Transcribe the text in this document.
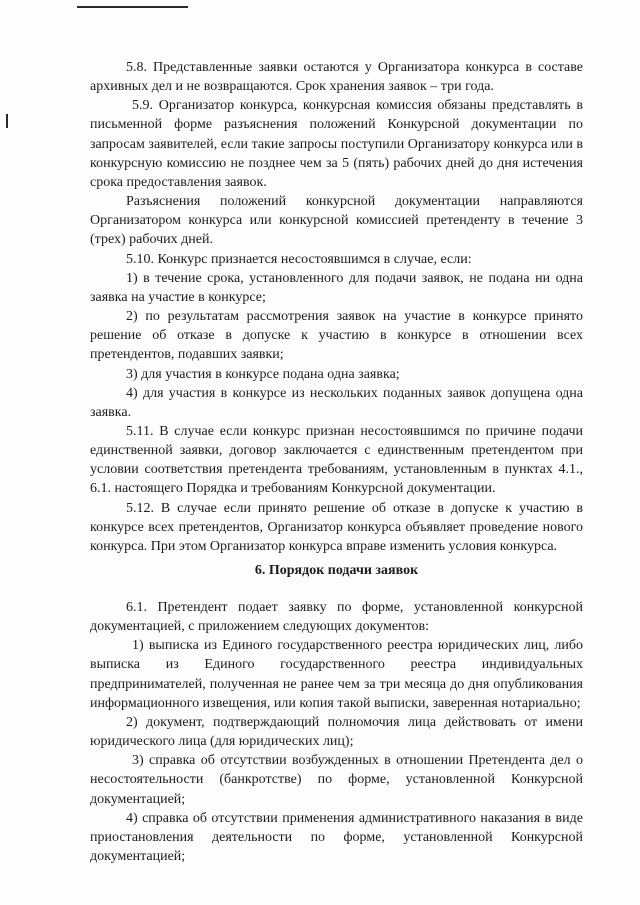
5.8. Представленные заявки остаются у Организатора конкурса в составе архивных дел и не возвращаются. Срок хранения заявок – три года.

5.9. Организатор конкурса, конкурсная комиссия обязаны представлять в письменной форме разъяснения положений Конкурсной документации по запросам заявителей, если такие запросы поступили Организатору конкурса или в конкурсную комиссию не позднее чем за 5 (пять) рабочих дней до дня истечения срока предоставления заявок.

Разъяснения положений конкурсной документации направляются Организатором конкурса или конкурсной комиссией претенденту в течение 3 (трех) рабочих дней.

5.10. Конкурс признается несостоявшимся в случае, если:

1) в течение срока, установленного для подачи заявок, не подана ни одна заявка на участие в конкурсе;

2) по результатам рассмотрения заявок на участие в конкурсе принято решение об отказе в допуске к участию в конкурсе в отношении всех претендентов, подавших заявки;

3) для участия в конкурсе подана одна заявка;

4) для участия в конкурсе из нескольких поданных заявок допущена одна заявка.

5.11. В случае если конкурс признан несостоявшимся по причине подачи единственной заявки, договор заключается с единственным претендентом при условии соответствия претендента требованиям, установленным в пунктах 4.1., 6.1. настоящего Порядка и требованиям Конкурсной документации.

5.12. В случае если принято решение об отказе в допуске к участию в конкурсе всех претендентов, Организатор конкурса объявляет проведение нового конкурса. При этом Организатор конкурса вправе изменить условия конкурса.

6. Порядок подачи заявок

6.1. Претендент подает заявку по форме, установленной конкурсной документацией, с приложением следующих документов:

1) выписка из Единого государственного реестра юридических лиц, либо выписка из Единого государственного реестра индивидуальных предпринимателей, полученная не ранее чем за три месяца до дня опубликования информационного извещения, или копия такой выписки, заверенная нотариально;

2) документ, подтверждающий полномочия лица действовать от имени юридического лица (для юридических лиц);

3) справка об отсутствии возбужденных в отношении Претендента дел о несостоятельности (банкротстве) по форме, установленной Конкурсной документацией;

4) справка об отсутствии применения административного наказания в виде приостановления деятельности по форме, установленной Конкурсной документацией;
